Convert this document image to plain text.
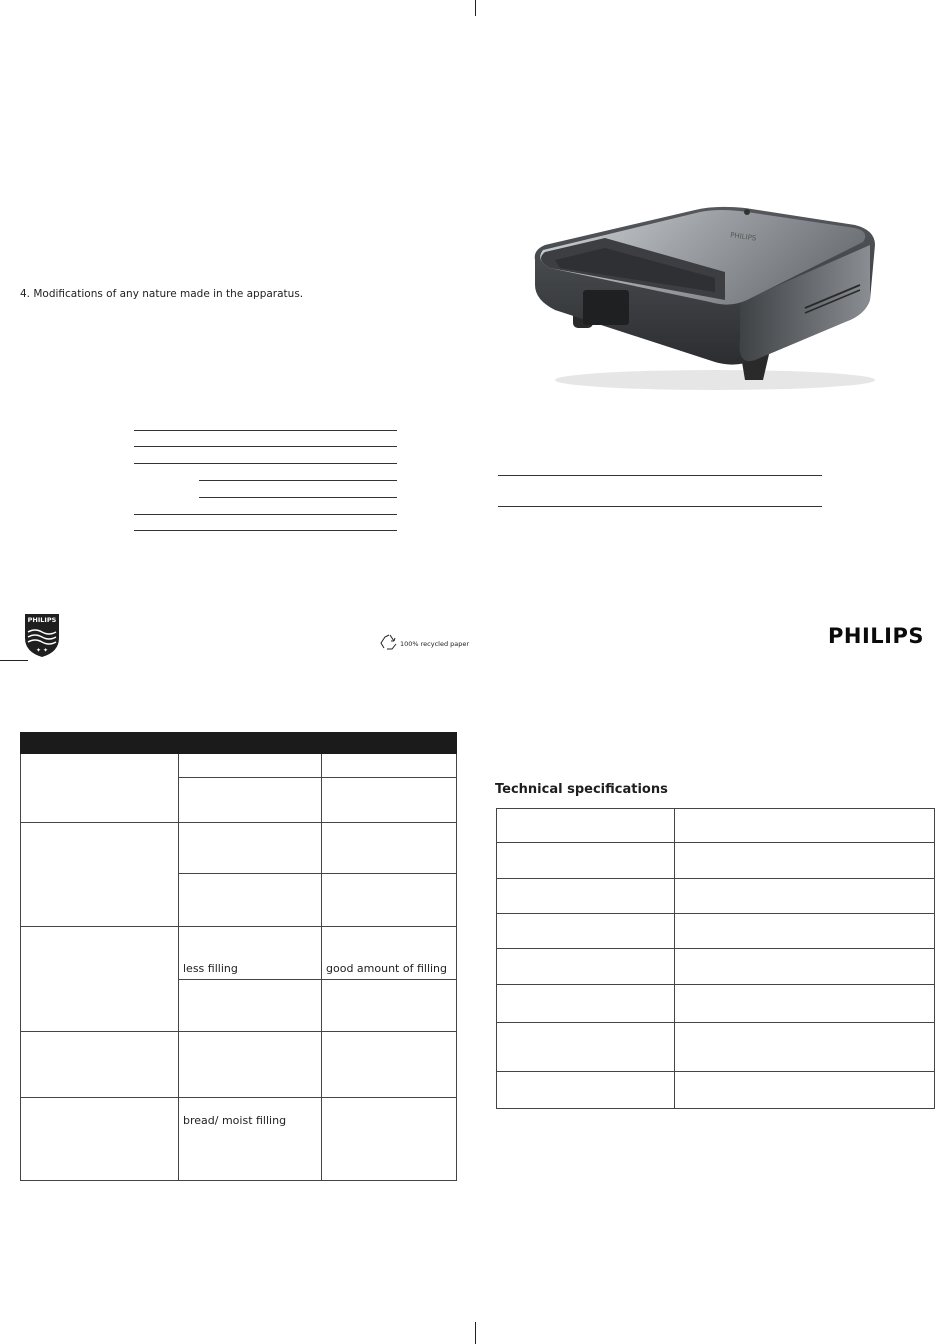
4. Modifications of any nature made in the apparatus.
PHILIPS
✦ ✦
PHILIPS
100% recycled paper	PHILIPS

	less filling	good amount of filling

	bread/ moist filling	
Technical specifications
